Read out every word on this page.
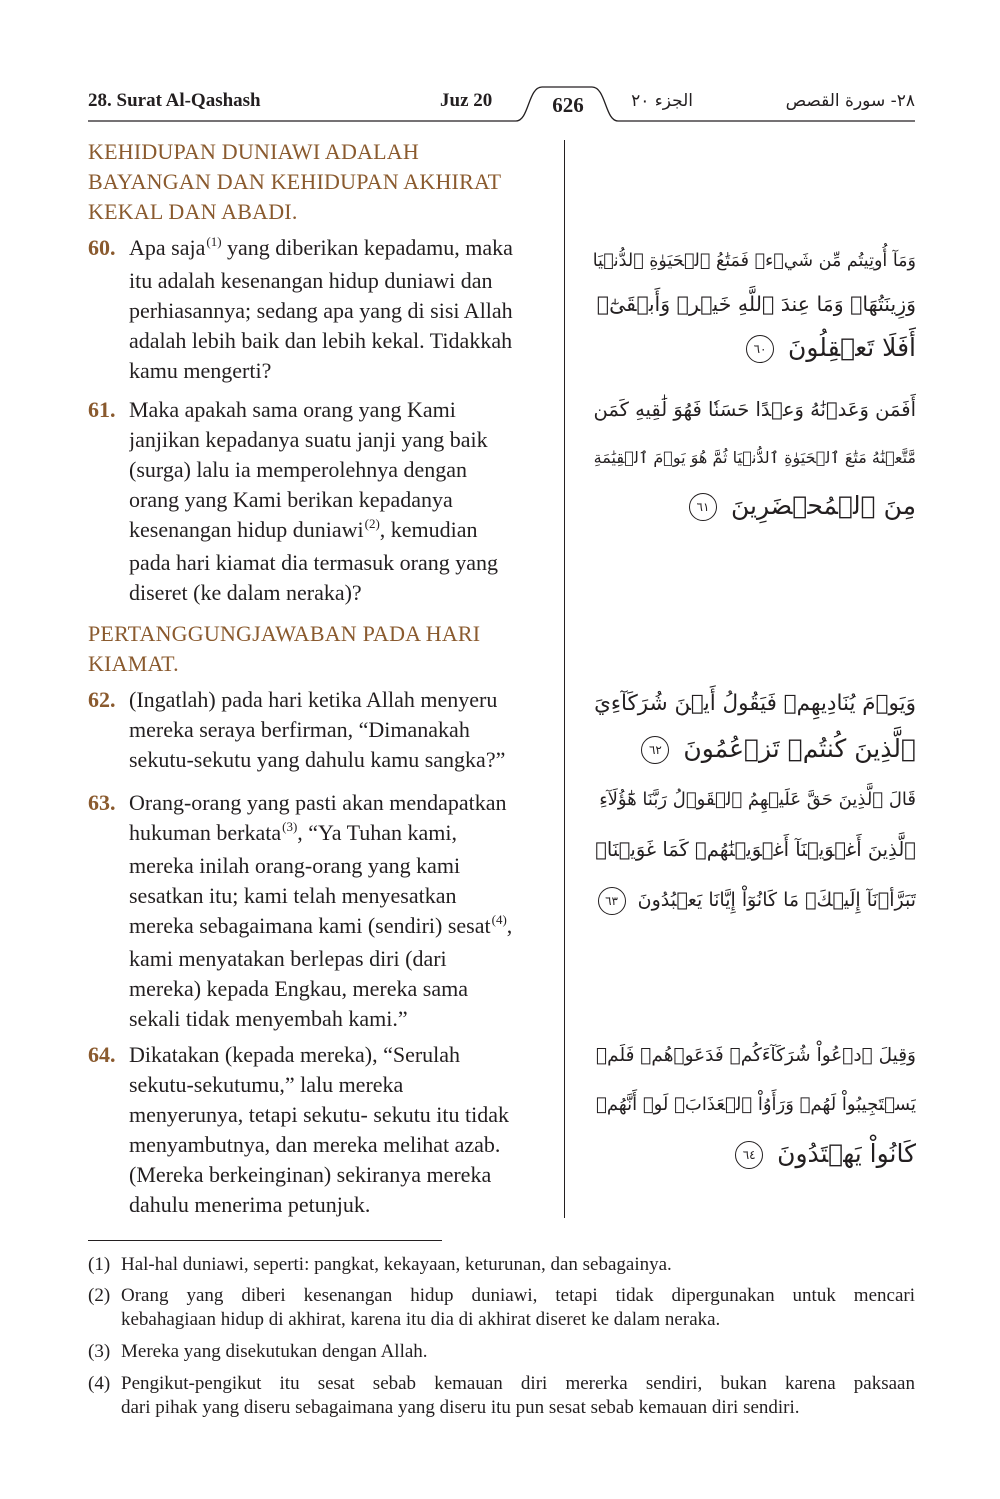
28. Surat Al-Qashash	Juz 20	626	الجزء ٢٠	٢٨- سورة القصص
KEHIDUPAN DUNIAWI ADALAH
BAYANGAN DAN KEHIDUPAN AKHIRAT
KEKAL DAN ABADI.
60. Apa saja$^{(1)}$ yang diberikan kepadamu, maka
itu adalah kesenangan hidup duniawi dan
perhiasannya; sedang apa yang di sisi Allah
adalah lebih baik dan lebih kekal. Tidakkah
kamu mengerti?
وَمَآ أُوتِيتُم مِّن شَيۡءٖ فَمَتَٰعُ ٱلۡحَيَوٰةِ ٱلدُّنۡيَا
وَزِينَتُهَاۚ وَمَا عِندَ ٱللَّهِ خَيۡرٞ وَأَبۡقَىٰٓۚ
أَفَلَا تَعۡقِلُونَ ٦٠
61. Maka apakah sama orang yang Kami
janjikan kepadanya suatu janji yang baik
(surga) lalu ia memperolehnya dengan
orang yang Kami berikan kepadanya
kesenangan hidup duniawi$^{(2)}$, kemudian
pada hari kiamat dia termasuk orang yang
diseret (ke dalam neraka)?
أَفَمَن وَعَدۡنَٰهُ وَعۡدًا حَسَنٗا فَهُوَ لَٰقِيهِ كَمَن
مَّتَّعۡنَٰهُ مَتَٰعَ ٱلۡحَيَوٰةِ ٱلدُّنۡيَا ثُمَّ هُوَ يَوۡمَ ٱلۡقِيَٰمَةِ
مِنَ ٱلۡمُحۡضَرِينَ ٦١
PERTANGGUNGJAWABAN PADA HARI
KIAMAT.
62. (Ingatlah) pada hari ketika Allah menyeru
mereka seraya berfirman, “Dimanakah
sekutu-sekutu yang dahulu kamu sangka?”
وَيَوۡمَ يُنَادِيهِمۡ فَيَقُولُ أَيۡنَ شُرَكَآءِيَ
ٱلَّذِينَ كُنتُمۡ تَزۡعُمُونَ ٦٢
63. Orang-orang yang pasti akan mendapatkan
hukuman berkata$^{(3)}$, “Ya Tuhan kami,
mereka inilah orang-orang yang kami
sesatkan itu; kami telah menyesatkan
mereka sebagaimana kami (sendiri) sesat$^{(4)}$,
kami menyatakan berlepas diri (dari
mereka) kepada Engkau, mereka sama
sekali tidak menyembah kami.”
قَالَ ٱلَّذِينَ حَقَّ عَلَيۡهِمُ ٱلۡقَوۡلُ رَبَّنَا هَٰٓؤُلَآءِ
ٱلَّذِينَ أَغۡوَيۡنَآ أَغۡوَيۡنَٰهُمۡ كَمَا غَوَيۡنَاۖ
تَبَرَّأۡنَآ إِلَيۡكَۖ مَا كَانُوٓاْ إِيَّانَا يَعۡبُدُونَ ٦٣
64. Dikatakan (kepada mereka), “Serulah
sekutu-sekutumu,” lalu mereka
menyerunya, tetapi sekutu- sekutu itu tidak
menyambutnya, dan mereka melihat azab.
(Mereka berkeinginan) sekiranya mereka
dahulu menerima petunjuk.
وَقِيلَ ٱدۡعُواْ شُرَكَآءَكُمۡ فَدَعَوۡهُمۡ فَلَمۡ
يَسۡتَجِيبُواْ لَهُمۡ وَرَأَوُاْ ٱلۡعَذَابَۚ لَوۡ أَنَّهُمۡ
كَانُواْ يَهۡتَدُونَ ٦٤
(1) Hal-hal duniawi, seperti: pangkat, kekayaan, keturunan, dan sebagainya.
(2) Orang yang diberi kesenangan hidup duniawi, tetapi tidak dipergunakan untuk mencari
kebahagiaan hidup di akhirat, karena itu dia di akhirat diseret ke dalam neraka.
(3) Mereka yang disekutukan dengan Allah.
(4) Pengikut-pengikut itu sesat sebab kemauan diri mererka sendiri, bukan karena paksaan
dari pihak yang diseru sebagaimana yang diseru itu pun sesat sebab kemauan diri sendiri.
